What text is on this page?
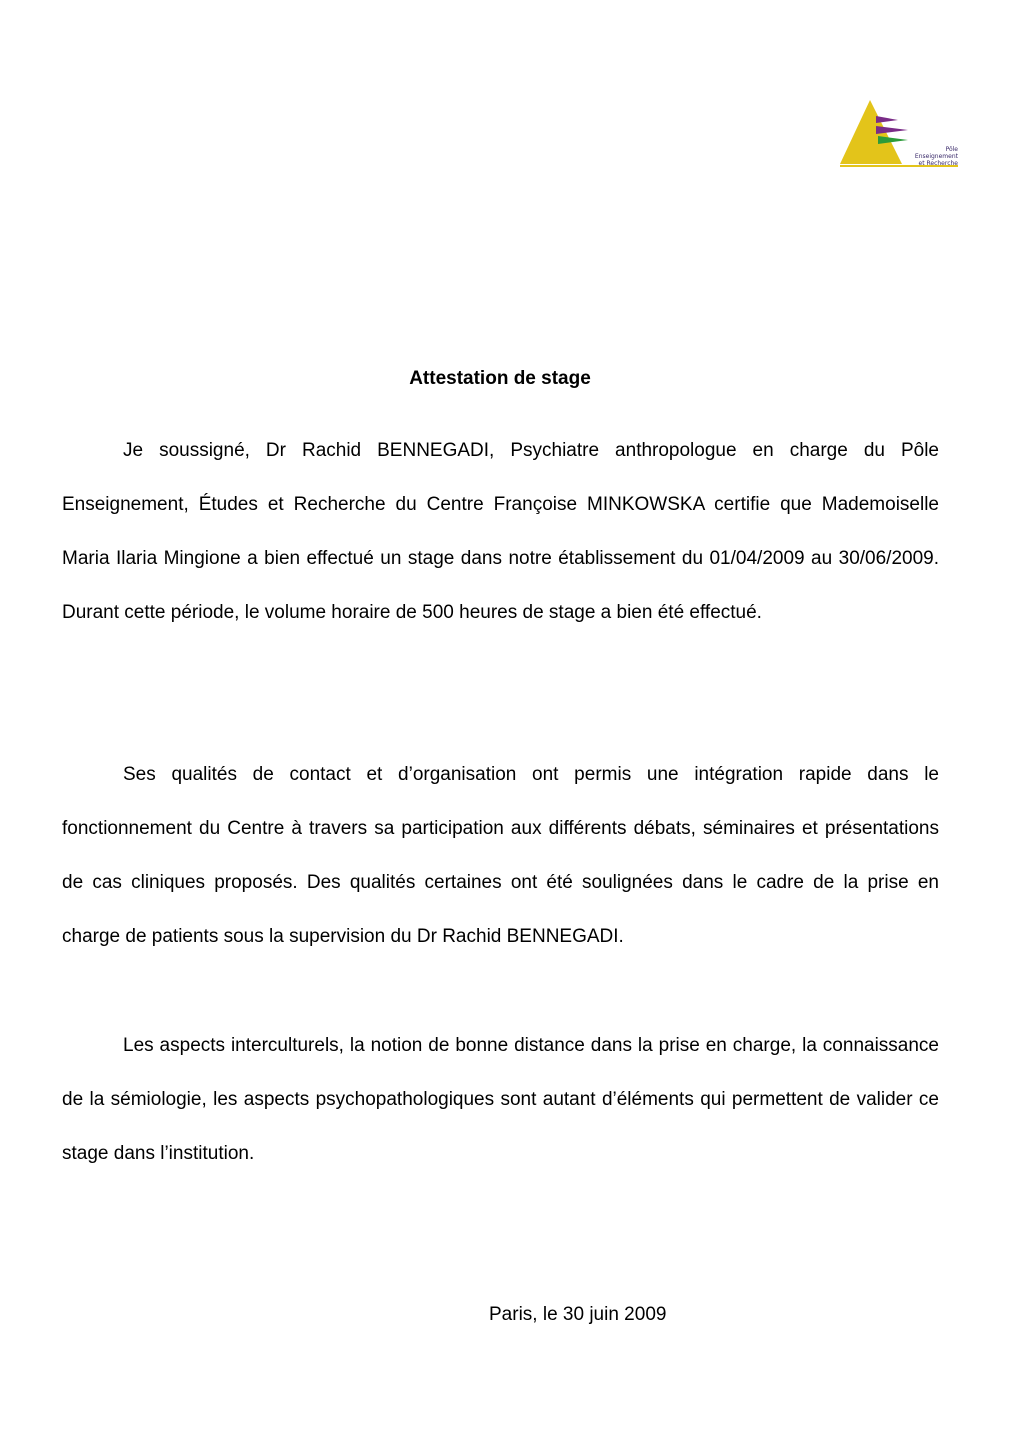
Pôle Enseignement
et Recherche
Attestation de stage

Je soussigné, Dr Rachid BENNEGADI, Psychiatre anthropologue en charge du Pôle Enseignement, Études et Recherche du Centre Françoise MINKOWSKA certifie que Mademoiselle Maria Ilaria Mingione a bien effectué un stage dans notre établissement du 01/04/2009 au 30/06/2009. Durant cette période, le volume horaire de 500 heures de stage a bien été effectué.

Ses qualités de contact et d’organisation ont permis une intégration rapide dans le fonctionnement du Centre à travers sa participation aux différents débats, séminaires et présentations de cas cliniques proposés. Des qualités certaines ont été soulignées dans le cadre de la prise en charge de patients sous la supervision du Dr Rachid BENNEGADI.

Les aspects interculturels, la notion de bonne distance dans la prise en charge, la connaissance de la sémiologie, les aspects psychopathologiques sont autant d’éléments qui permettent de valider ce stage dans l’institution.

Paris, le 30 juin 2009
